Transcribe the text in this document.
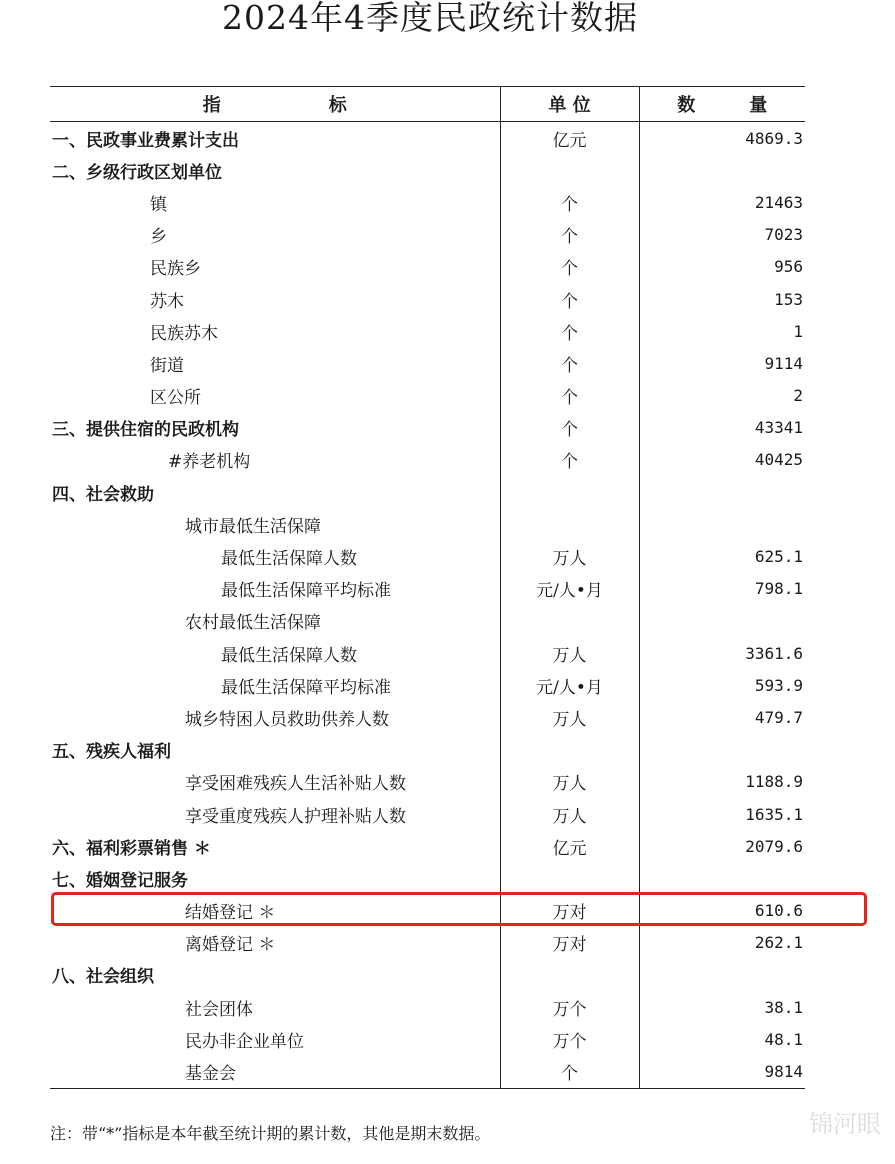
2024年4季度民政统计数据
指　　　　　　标	单 位	数　　　量
一、民政事业费累计支出	亿元	4869.3
二、乡级行政区划单位		
镇	个	21463
乡	个	7023
民族乡	个	956
苏木	个	153
民族苏木	个	1
街道	个	9114
区公所	个	2
三、提供住宿的民政机构	个	43341
#养老机构	个	40425
四、社会救助		
城市最低生活保障		
最低生活保障人数	万人	625.1
最低生活保障平均标准	元/人•月	798.1
农村最低生活保障		
最低生活保障人数	万人	3361.6
最低生活保障平均标准	元/人•月	593.9
城乡特困人员救助供养人数	万人	479.7
五、残疾人福利		
享受困难残疾人生活补贴人数	万人	1188.9
享受重度残疾人护理补贴人数	万人	1635.1
六、福利彩票销售 ＊	亿元	2079.6
七、婚姻登记服务		
结婚登记 ＊	万对	610.6
离婚登记 ＊	万对	262.1
八、社会组织		
社会团体	万个	38.1
民办非企业单位	万个	48.1
基金会	个	9814
注：带“*”指标是本年截至统计期的累计数，其他是期末数据。	锦河眼
